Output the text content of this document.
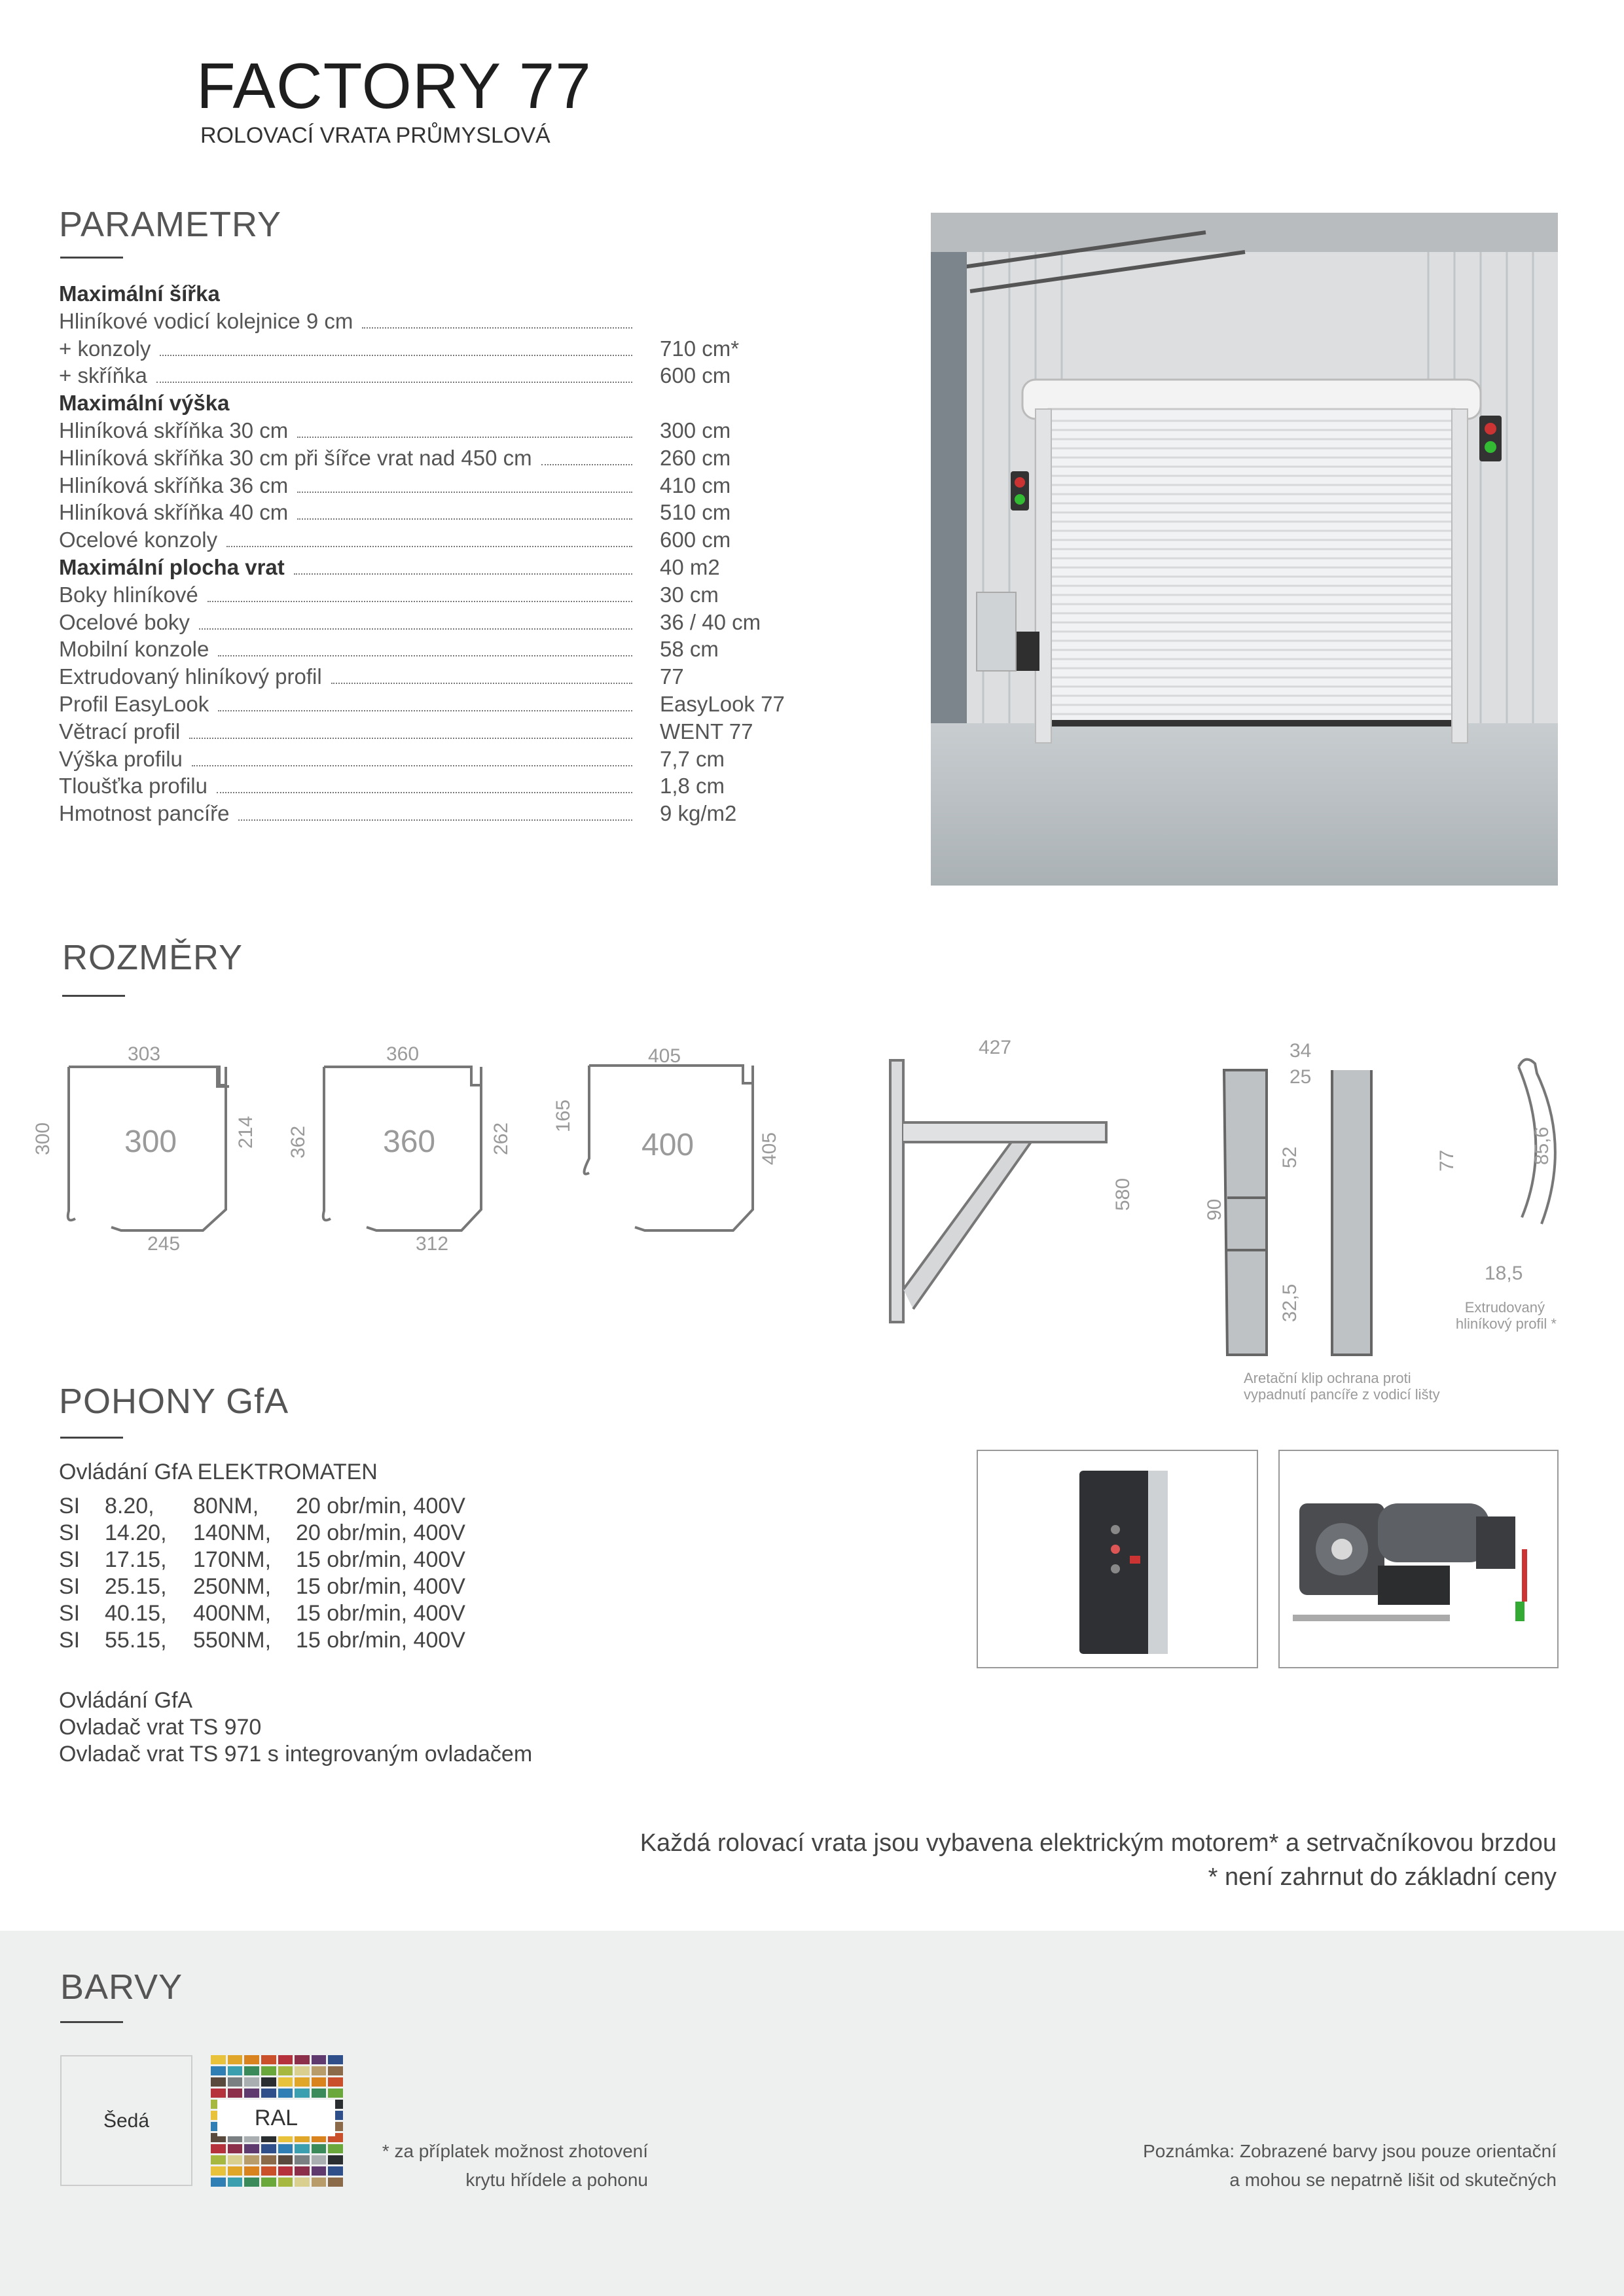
FACTORY 77
ROLOVACÍ VRATA PRŮMYSLOVÁ
PARAMETRY
Maximální šířka
Hliníkové vodicí kolejnice 9 cm
+ konzoly	710 cm*
+ skříňka	600 cm
Maximální výška
Hliníková skříňka 30 cm	300 cm
Hliníková skříňka 30 cm při šířce vrat nad 450 cm	260 cm
Hliníková skříňka 36 cm	410 cm
Hliníková skříňka 40 cm	510 cm
Ocelové konzoly	600 cm
Maximální plocha vrat	40 m2
Boky hliníkové	30 cm
Ocelové boky	36 / 40 cm
Mobilní konzole	58 cm
Extrudovaný hliníkový profil	77
Profil EasyLook	EasyLook 77
Větrací profil	WENT 77
Výška profilu	7,7 cm
Tloušťka profilu	1,8 cm
Hmotnost pancíře	9 kg/m2
ROZMĚRY
303
300 300	214
245
360
362 360	262
312
405
165
400	405
427
580
34
25
90
52
32,5
77	85,6
18,5
Extrudovaný
hliníkový profil *
Aretační klip ochrana proti
vypadnutí pancíře z vodicí lišty
POHONY GfA
Ovládání GfA ELEKTROMATEN
SI 8.20, 80NM, 20 obr/min, 400V
SI 14.20, 140NM, 20 obr/min, 400V
SI 17.15, 170NM, 15 obr/min, 400V
SI 25.15, 250NM, 15 obr/min, 400V
SI 40.15, 400NM, 15 obr/min, 400V
SI 55.15, 550NM, 15 obr/min, 400V
Ovládání GfA
Ovladač vrat TS 970
Ovladač vrat TS 971 s integrovaným ovladačem
Každá rolovací vrata jsou vybavena elektrickým motorem* a setrvačníkovou brzdou
* není zahrnut do základní ceny
BARVY
Šedá	RAL
* za příplatek možnost zhotovení
krytu hřídele a pohonu
Poznámka: Zobrazené barvy jsou pouze orientační
a mohou se nepatrně lišit od skutečných
